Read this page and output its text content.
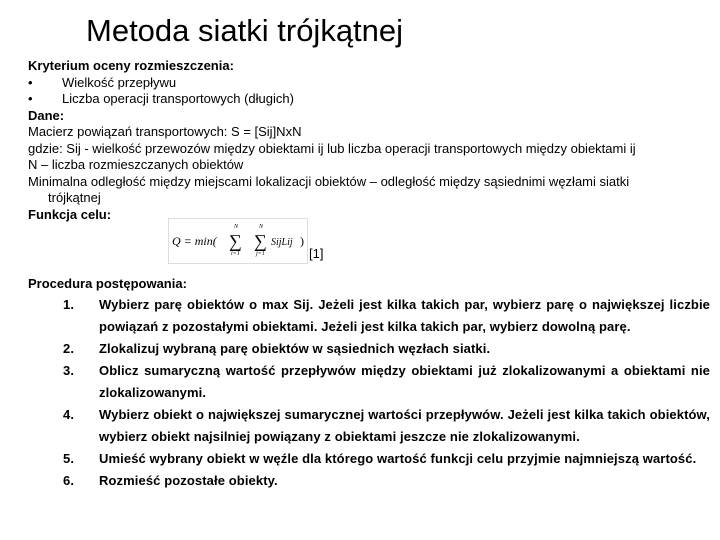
Metoda siatki trójkątnej
Kryterium oceny rozmieszczenia:
•	Wielkość przepływu
•	Liczba operacji transportowych (długich)
Dane:
Macierz powiązań transportowych: S = [Sij]NxN
gdzie: Sij - wielkość przewozów między obiektami ij lub liczba operacji transportowych między obiektami ij
N – liczba rozmieszczanych obiektów
Minimalna odległość między miejscami lokalizacji obiektów – odległość między sąsiednimi węzłami siatki
trójkątnej
Funkcja celu:
Q = min(
N
∑
i=1
N
∑
j=1
SijLij )
[1]
Procedura postępowania:
1.	Wybierz parę obiektów o max Sij. Jeżeli jest kilka takich par, wybierz parę o największej liczbie powiązań z pozostałymi obiektami. Jeżeli jest kilka takich par, wybierz dowolną parę.
2.	Zlokalizuj wybraną parę obiektów w sąsiednich węzłach siatki.
3.	Oblicz sumaryczną wartość przepływów między obiektami już zlokalizowanymi a obiektami nie zlokalizowanymi.
4.	Wybierz obiekt o największej sumarycznej wartości przepływów. Jeżeli jest kilka takich obiektów, wybierz obiekt najsilniej powiązany z obiektami jeszcze nie zlokalizowanymi.
5.	Umieść wybrany obiekt w węźle dla którego wartość funkcji celu przyjmie najmniejszą wartość.
6.	Rozmieść pozostałe obiekty.
